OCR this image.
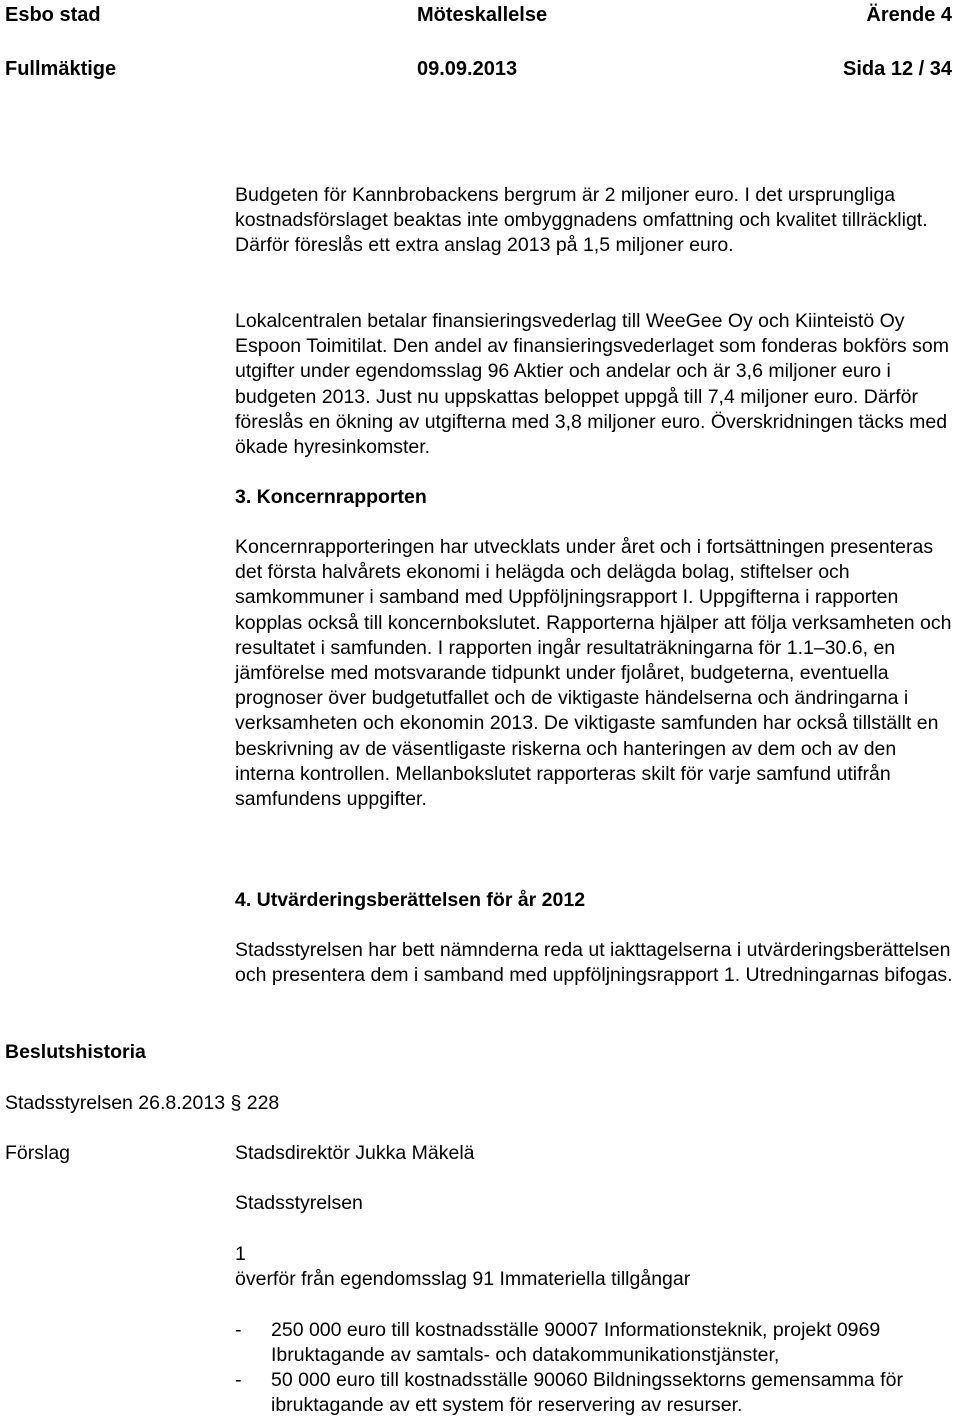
Esbo stad	Möteskallelse	Ärende 4
Fullmäktige	09.09.2013	Sida 12 / 34

Budgeten för Kannbrobackens bergrum är 2 miljoner euro. I det ursprungliga kostnadsförslaget beaktas inte ombyggnadens omfattning och kvalitet tillräckligt. Därför föreslås ett extra anslag 2013 på 1,5 miljoner euro.

Lokalcentralen betalar finansieringsvederlag till WeeGee Oy och Kiinteistö Oy Espoon Toimitilat. Den andel av finansieringsvederlaget som fonderas bokförs som utgifter under egendomsslag 96 Aktier och andelar och är 3,6 miljoner euro i budgeten 2013. Just nu uppskattas beloppet uppgå till 7,4 miljoner euro. Därför föreslås en ökning av utgifterna med 3,8 miljoner euro. Överskridningen täcks med ökade hyresinkomster.

3. Koncernrapporten

Koncernrapporteringen har utvecklats under året och i fortsättningen presenteras det första halvårets ekonomi i helägda och delägda bolag, stiftelser och samkommuner i samband med Uppföljningsrapport I. Uppgifterna i rapporten kopplas också till koncernbokslutet. Rapporterna hjälper att följa verksamheten och resultatet i samfunden. I rapporten ingår resultaträkningarna för 1.1–30.6, en jämförelse med motsvarande tidpunkt under fjolåret, budgeterna, eventuella prognoser över budgetutfallet och de viktigaste händelserna och ändringarna i verksamheten och ekonomin 2013. De viktigaste samfunden har också tillställt en beskrivning av de väsentligaste riskerna och hanteringen av dem och av den interna kontrollen. Mellanbokslutet rapporteras skilt för varje samfund utifrån samfundens uppgifter.

4. Utvärderingsberättelsen för år 2012

Stadsstyrelsen har bett nämnderna reda ut iakttagelserna i utvärderingsberättelsen och presentera dem i samband med uppföljningsrapport 1. Utredningarnas bifogas.

Beslutshistoria
Stadsstyrelsen 26.8.2013 § 228
Förslag	Stadsdirektör Jukka Mäkelä
Stadsstyrelsen
1
överför från egendomsslag 91 Immateriella tillgångar
- 250 000 euro till kostnadsställe 90007 Informationsteknik, projekt 0969 Ibruktagande av samtals- och datakommunikationstjänster,
- 50 000 euro till kostnadsställe 90060 Bildningssektorns gemensamma för ibruktagande av ett system för reservering av resurser.
